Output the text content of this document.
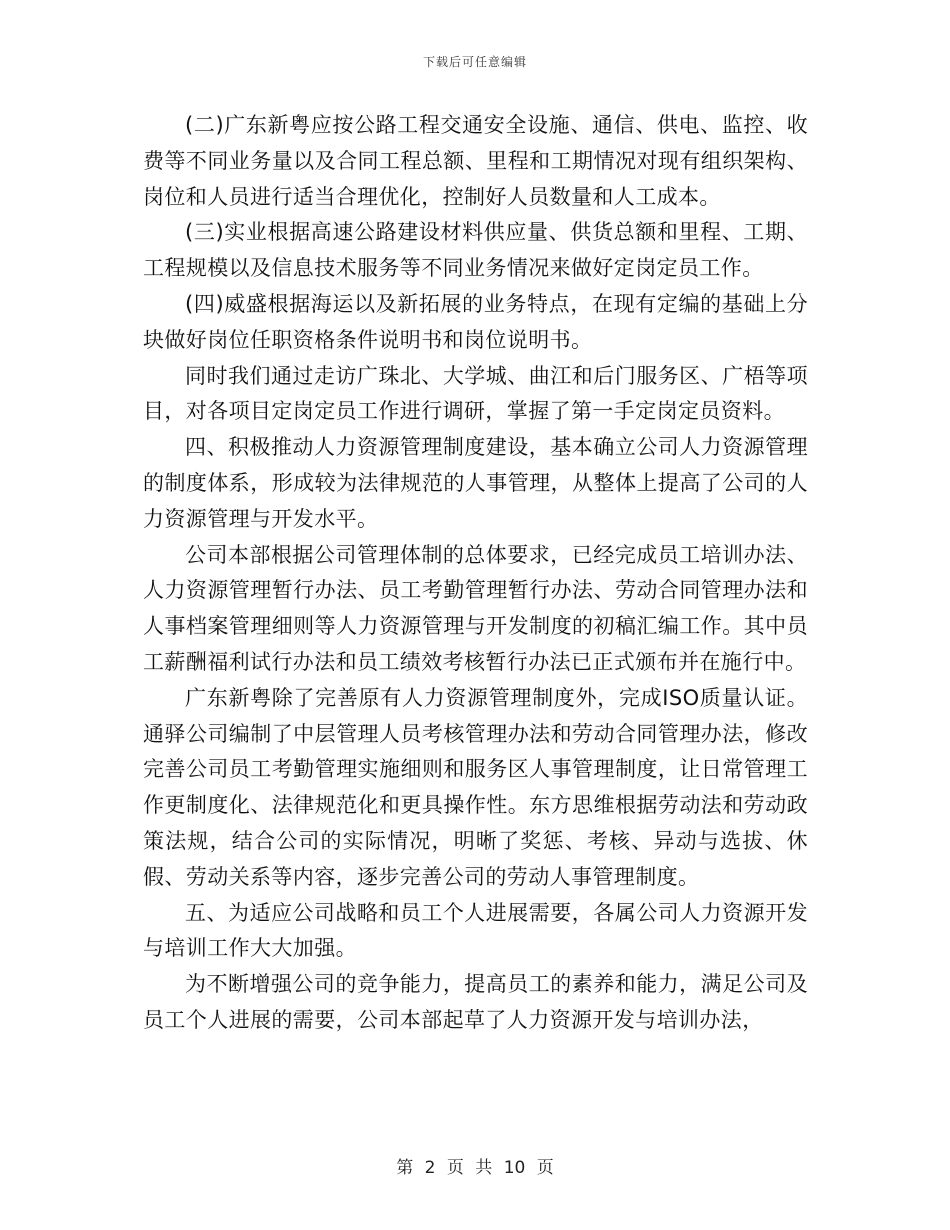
下载后可任意编辑

(二)广东新粤应按公路工程交通安全设施、通信、供电、监控、收费等不同业务量以及合同工程总额、里程和工期情况对现有组织架构、岗位和人员进行适当合理优化，控制好人员数量和人工成本。

(三)实业根据高速公路建设材料供应量、供货总额和里程、工期、工程规模以及信息技术服务等不同业务情况来做好定岗定员工作。

(四)威盛根据海运以及新拓展的业务特点，在现有定编的基础上分块做好岗位任职资格条件说明书和岗位说明书。

同时我们通过走访广珠北、大学城、曲江和后门服务区、广梧等项目，对各项目定岗定员工作进行调研，掌握了第一手定岗定员资料。

四、积极推动人力资源管理制度建设，基本确立公司人力资源管理的制度体系，形成较为法律规范的人事管理，从整体上提高了公司的人力资源管理与开发水平。

公司本部根据公司管理体制的总体要求，已经完成员工培训办法、人力资源管理暂行办法、员工考勤管理暂行办法、劳动合同管理办法和人事档案管理细则等人力资源管理与开发制度的初稿汇编工作。其中员工薪酬福利试行办法和员工绩效考核暂行办法已正式颁布并在施行中。

广东新粤除了完善原有人力资源管理制度外，完成ISO质量认证。通驿公司编制了中层管理人员考核管理办法和劳动合同管理办法，修改完善公司员工考勤管理实施细则和服务区人事管理制度，让日常管理工作更制度化、法律规范化和更具操作性。东方思维根据劳动法和劳动政策法规，结合公司的实际情况，明晰了奖惩、考核、异动与选拔、休假、劳动关系等内容，逐步完善公司的劳动人事管理制度。

五、为适应公司战略和员工个人进展需要，各属公司人力资源开发与培训工作大大加强。

为不断增强公司的竞争能力，提高员工的素养和能力，满足公司及员工个人进展的需要，公司本部起草了人力资源开发与培训办法，

第 2 页 共 10 页
